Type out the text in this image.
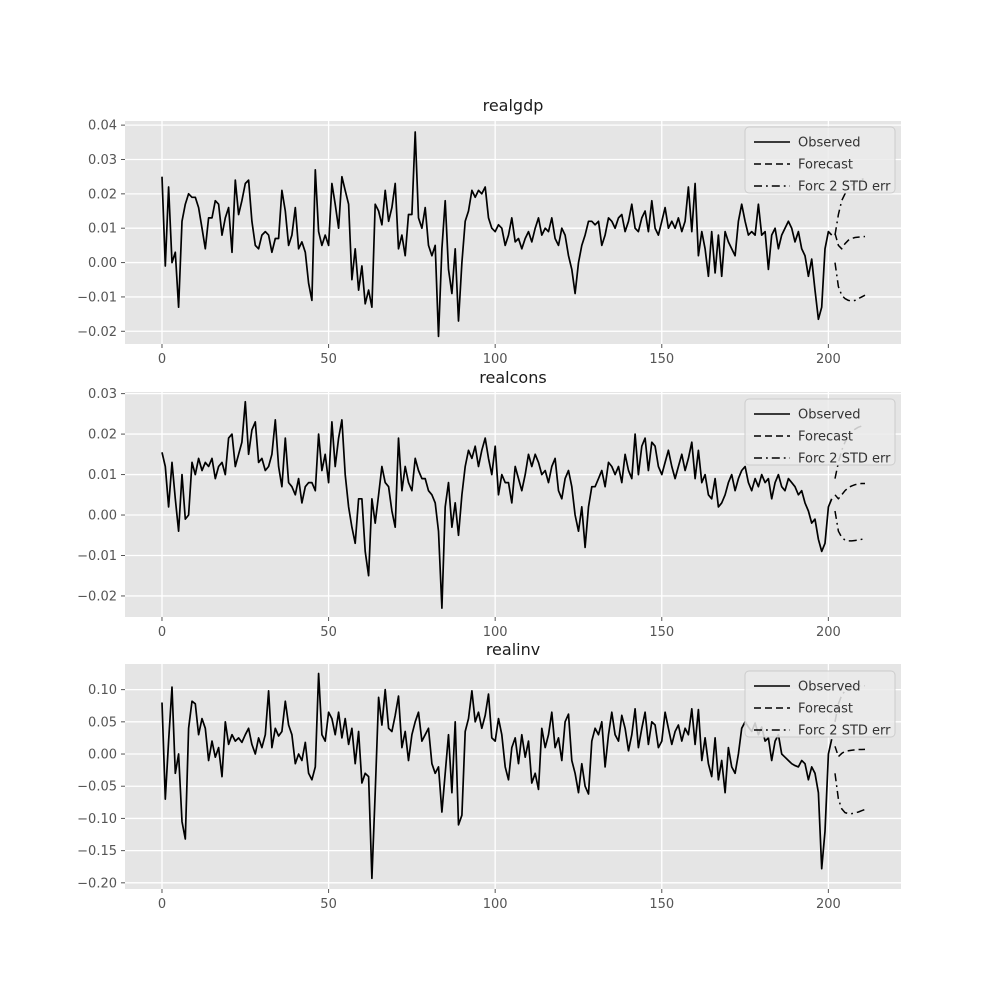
0	50	100	150	200
0.04
0.03
0.02
0.01
0.00
−0.01
−0.02
realgdp
Observed
Forecast
Forc 2 STD err
0	50	100	150	200
0.03
0.02
0.01
0.00
−0.01
−0.02
realcons
Observed
Forecast
Forc 2 STD err
0	50	100	150	200
0.10
0.05
0.00
−0.05
−0.10
−0.15
−0.20
realinv
Observed
Forecast
Forc 2 STD err
